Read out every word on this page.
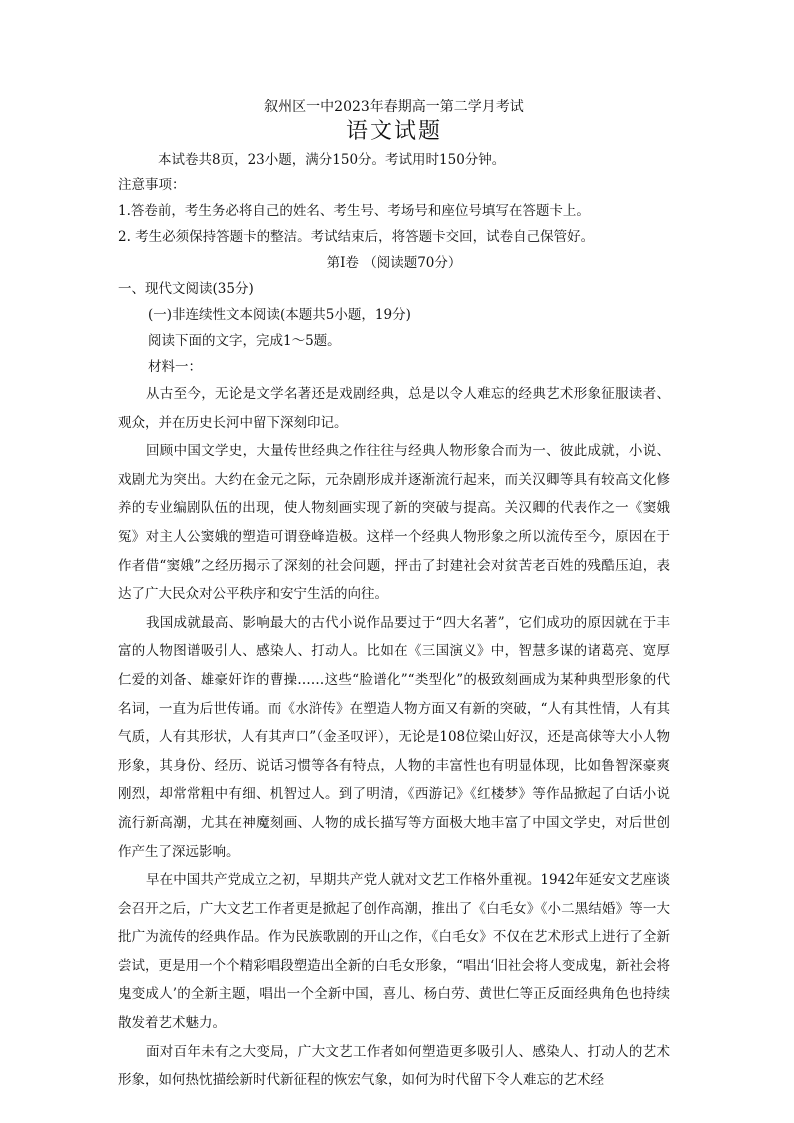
叙州区一中2023年春期高一第二学月考试

语文试题

本试卷共8页，23小题，满分150分。考试用时150分钟。

注意事项：

1.答卷前，考生务必将自己的姓名、考生号、考场号和座位号填写在答题卡上。

2. 考生必须保持答题卡的整洁。考试结束后，将答题卡交回，试卷自己保管好。

第Ⅰ卷 （阅读题70分）

一、现代文阅读(35分)

(一)非连续性文本阅读(本题共5小题，19分)

阅读下面的文字，完成1～5题。

材料一：

从古至今，无论是文学名著还是戏剧经典，总是以令人难忘的经典艺术形象征服读者、观众，并在历史长河中留下深刻印记。

回顾中国文学史，大量传世经典之作往往与经典人物形象合而为一、彼此成就，小说、戏剧尤为突出。大约在金元之际，元杂剧形成并逐渐流行起来，而关汉卿等具有较高文化修养的专业编剧队伍的出现，使人物刻画实现了新的突破与提高。关汉卿的代表作之一《窦娥冤》对主人公窦娥的塑造可谓登峰造极。这样一个经典人物形象之所以流传至今，原因在于作者借“窦娥”之经历揭示了深刻的社会问题，抨击了封建社会对贫苦老百姓的残酷压迫，表达了广大民众对公平秩序和安宁生活的向往。

我国成就最高、影响最大的古代小说作品要过于“四大名著”，它们成功的原因就在于丰富的人物图谱吸引人、感染人、打动人。比如在《三国演义》中，智慧多谋的诸葛亮、宽厚仁爱的刘备、雄豪奸诈的曹操……这些“脸谱化”“类型化”的极致刻画成为某种典型形象的代名词，一直为后世传诵。而《水浒传》在塑造人物方面又有新的突破，“人有其性情，人有其气质，人有其形状，人有其声口”（金圣叹评），无论是108位梁山好汉，还是高俅等大小人物形象，其身份、经历、说话习惯等各有特点，人物的丰富性也有明显体现，比如鲁智深豪爽刚烈，却常常粗中有细、机智过人。到了明清，《西游记》《红楼梦》等作品掀起了白话小说流行新高潮，尤其在神魔刻画、人物的成长描写等方面极大地丰富了中国文学史，对后世创作产生了深远影响。

早在中国共产党成立之初，早期共产党人就对文艺工作格外重视。1942年延安文艺座谈会召开之后，广大文艺工作者更是掀起了创作高潮，推出了《白毛女》《小二黑结婚》等一大批广为流传的经典作品。作为民族歌剧的开山之作，《白毛女》不仅在艺术形式上进行了全新尝试，更是用一个个精彩唱段塑造出全新的白毛女形象，“唱出‘旧社会将人变成鬼，新社会将鬼变成人’的全新主题，唱出一个全新中国，喜儿、杨白劳、黄世仁等正反面经典角色也持续散发着艺术魅力。

面对百年未有之大变局，广大文艺工作者如何塑造更多吸引人、感染人、打动人的艺术形象，如何热忱描绘新时代新征程的恢宏气象，如何为时代留下令人难忘的艺术经
